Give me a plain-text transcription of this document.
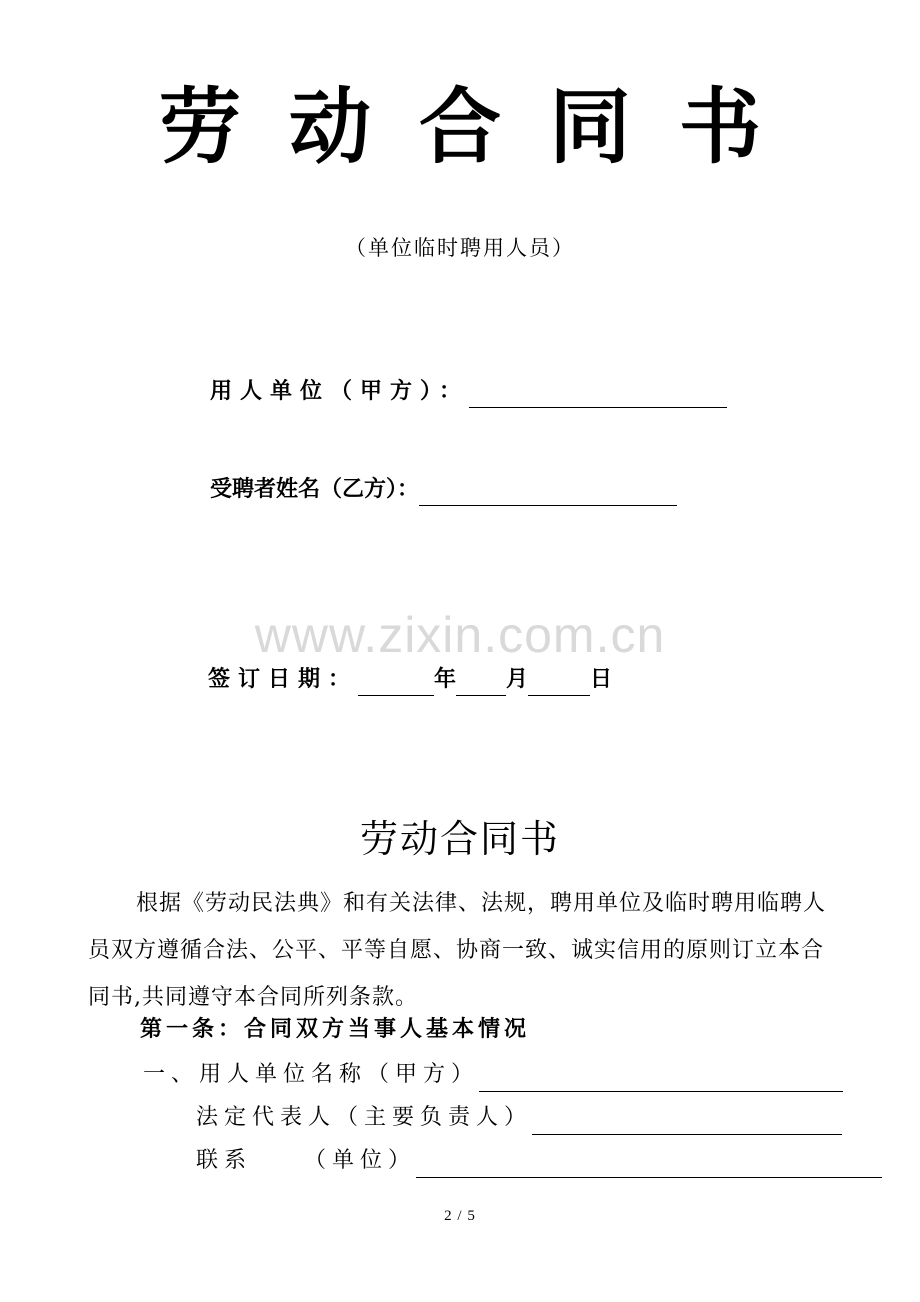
劳动合同书
（单位临时聘用人员）
用人单位（甲方）：
受聘者姓名（乙方）：
www.zixin.com.cn
签订日期：	年 月	日
劳动合同书
根据《劳动民法典》和有关法律、法规，聘用单位及临时聘用临聘人员双方遵循合法、公平、平等自愿、协商一致、诚实信用的原则订立本合同书,共同遵守本合同所列条款。
第一条：合同双方当事人基本情况
一、用人单位名称（甲方）
法定代表人（主要负责人）
联系 （单位）
2 / 5
